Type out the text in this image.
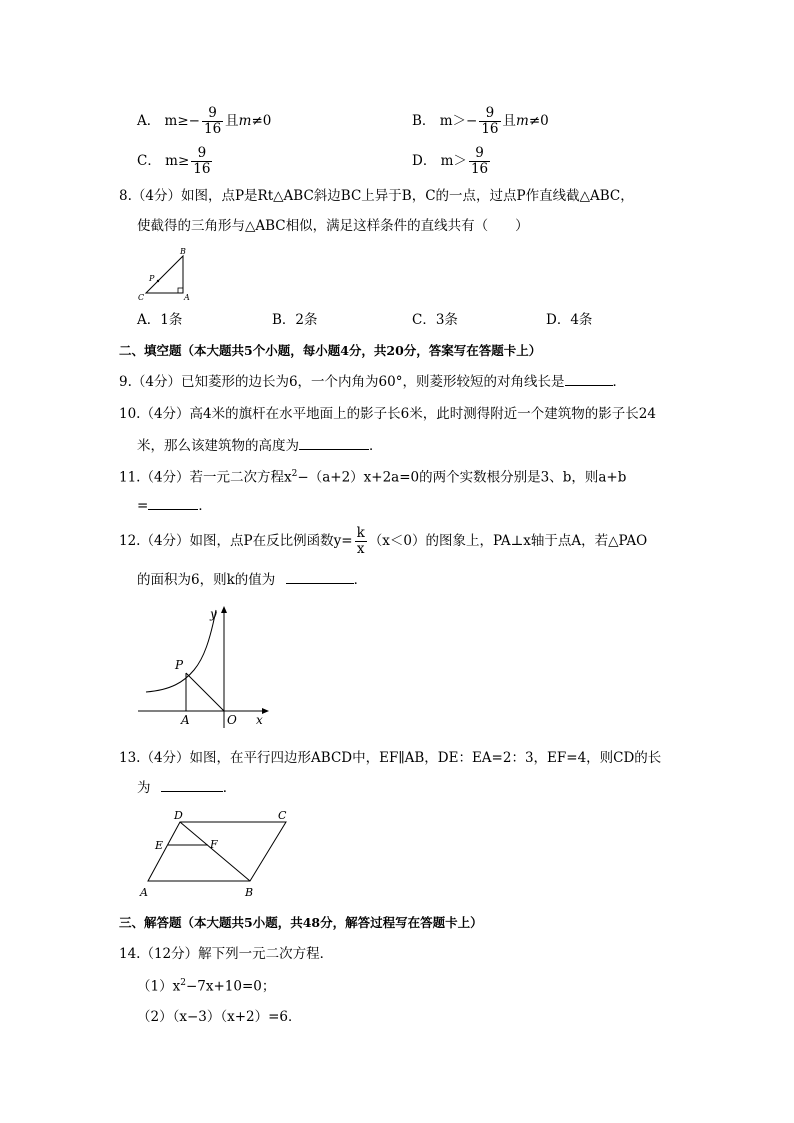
A． $m\ge- \frac{9}{16}$ 且m≠0	B． $m>- \frac{9}{16}$ 且m≠0
C． $m\ge \frac{9}{16}$	D． $m> \frac{9}{16}$
8.（4分）如图，点P是Rt△ABC斜边BC上异于B，C的一点，过点P作直线截△ABC，
使截得的三角形与△ABC相似，满足这样条件的直线共有（　　）
B
P
C	A
A．1条	B．2条	C．3条	D．4条
二、填空题（本大题共5个小题，每小题4分，共20分，答案写在答题卡上）
9.（4分）已知菱形的边长为6，一个内角为60°，则菱形较短的对角线长是	．
10.（4分）高4米的旗杆在水平地面上的影子长6米，此时测得附近一个建筑物的影子长24
米，那么该建筑物的高度为	．
11.（4分）若一元二次方程$x^2-(a+2)x+2a=0$的两个实数根分别是3、b，则a+b
=	．
12.（4分）如图，点P在反比例函数$y= \frac{k}{x} (x<0)$的图象上，PA⊥x轴于点A，若△PAO
的面积为6，则k的值为	．
y
P
A	O x
13.（4分）如图，在平行四边形ABCD中，EF∥AB，DE：EA=2：3，EF=4，则CD的长
为	．
D	C
E	F
A	B
三、解答题（本大题共5小题，共48分，解答过程写在答题卡上）
14.（12分）解下列一元二次方程．
$(1)x^2-7x+10=0$；
（2）（x−3）（x+2）=6．
